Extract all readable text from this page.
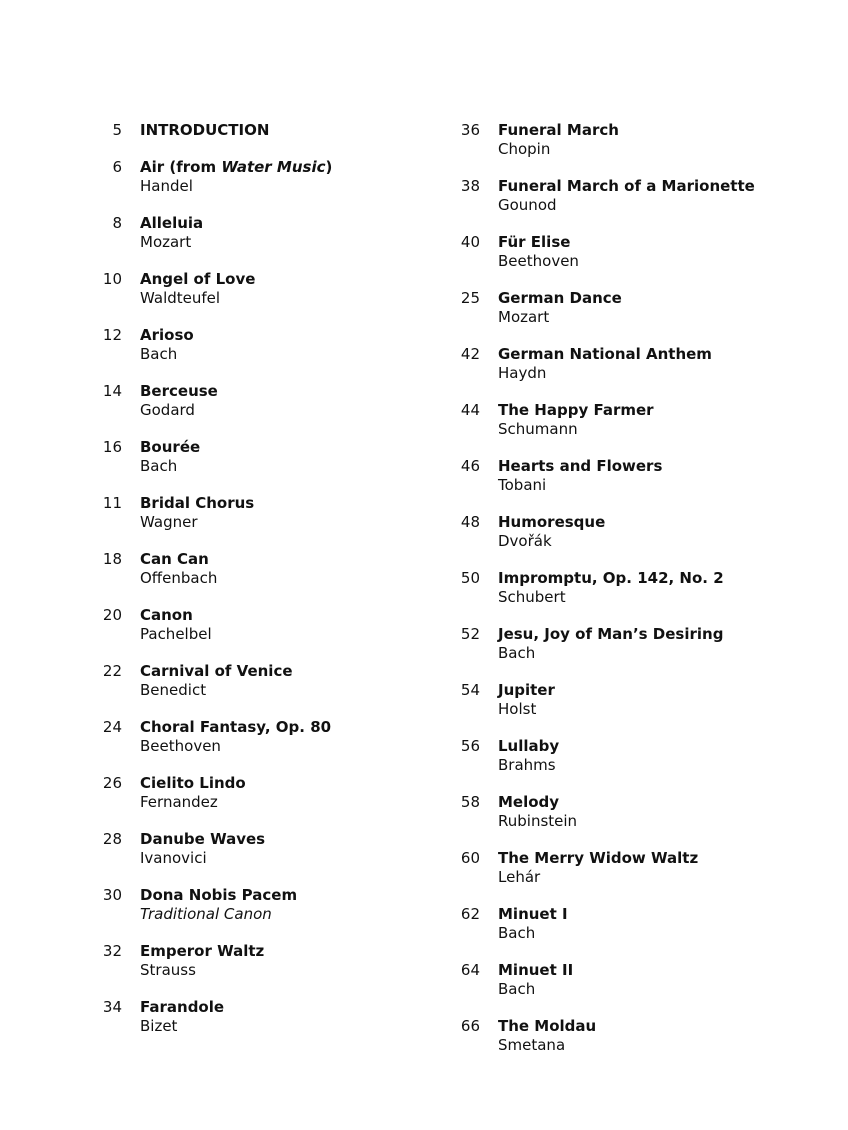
5 INTRODUCTION
6 Air (from Water Music)
Handel
8 Alleluia
Mozart
10 Angel of Love
Waldteufel
12 Arioso
Bach
14 Berceuse
Godard
16 Bourée
Bach
11 Bridal Chorus
Wagner
18 Can Can
Offenbach
20 Canon
Pachelbel
22 Carnival of Venice
Benedict
24 Choral Fantasy, Op. 80
Beethoven
26 Cielito Lindo
Fernandez
28 Danube Waves
Ivanovici
30 Dona Nobis Pacem
Traditional Canon
32 Emperor Waltz
Strauss
34 Farandole
Bizet
36 Funeral March
Chopin
38 Funeral March of a Marionette
Gounod
40 Für Elise
Beethoven
25 German Dance
Mozart
42 German National Anthem
Haydn
44 The Happy Farmer
Schumann
46 Hearts and Flowers
Tobani
48 Humoresque
Dvořák
50 Impromptu, Op. 142, No. 2
Schubert
52 Jesu, Joy of Man’s Desiring
Bach
54 Jupiter
Holst
56 Lullaby
Brahms
58 Melody
Rubinstein
60 The Merry Widow Waltz
Lehár
62 Minuet I
Bach
64 Minuet II
Bach
66 The Moldau
Smetana
